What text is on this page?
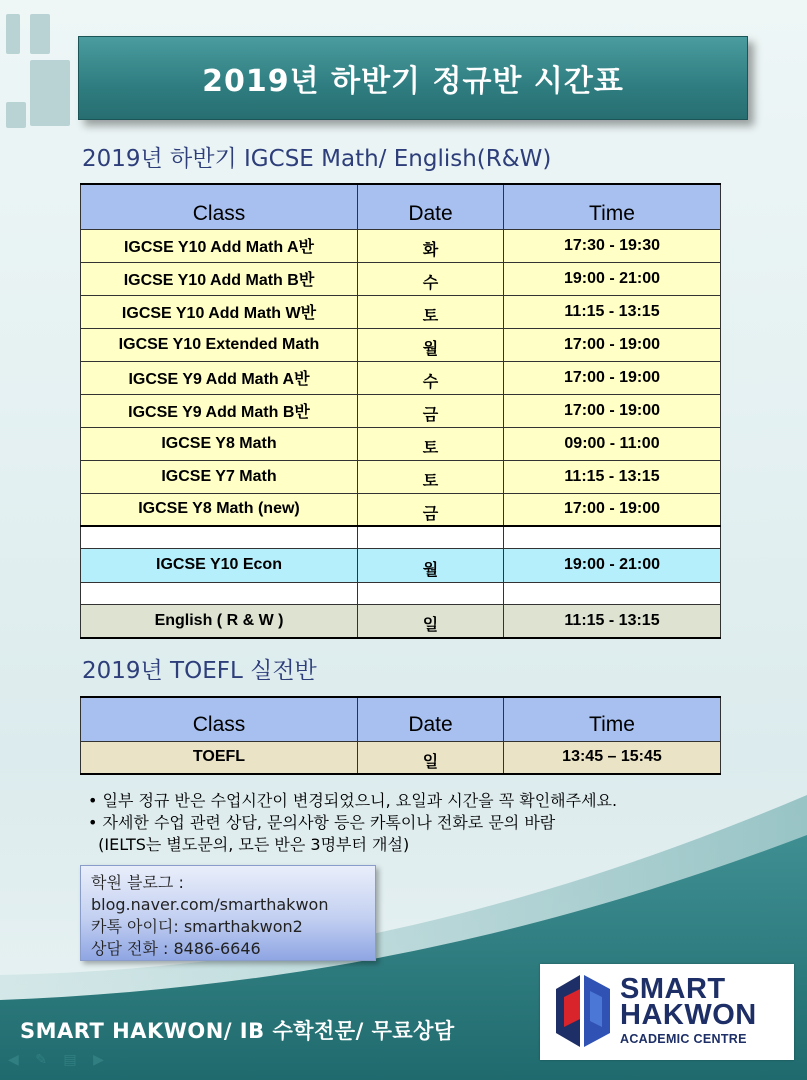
2019년 하반기 정규반 시간표
2019년 하반기 IGCSE Math/ English(R&W)
Class	Date	Time
IGCSE Y10 Add Math A반	화	17:30 - 19:30
IGCSE Y10 Add Math B반	수	19:00 - 21:00
IGCSE Y10 Add Math W반	토	11:15 - 13:15
IGCSE Y10 Extended Math	월	17:00 - 19:00
IGCSE Y9 Add Math A반	수	17:00 - 19:00
IGCSE Y9 Add Math B반	금	17:00 - 19:00
IGCSE Y8 Math	토	09:00 - 11:00
IGCSE Y7 Math	토	11:15 - 13:15
IGCSE Y8 Math (new)	금	17:00 - 19:00

IGCSE Y10 Econ	월	19:00 - 21:00

English ( R & W )	일	11:15 - 13:15
2019년 TOEFL 실전반
Class	Date	Time
TOEFL	일	13:45 – 15:45
• 일부 정규 반은 수업시간이 변경되었으니, 요일과 시간을 꼭 확인해주세요.
• 자세한 수업 관련 상담, 문의사항 등은 카톡이나 전화로 문의 바람
(IELTS는 별도문의, 모든 반은 3명부터 개설)
학원 블로그 :
blog.naver.com/smarthakwon
카톡 아이디: smarthakwon2
상담 전화 : 8486-6646
SMART HAKWON/ IB 수학전문/ 무료상담
SMART
HAKWON
ACADEMIC CENTRE
◀ ✎ ▤ ▶
